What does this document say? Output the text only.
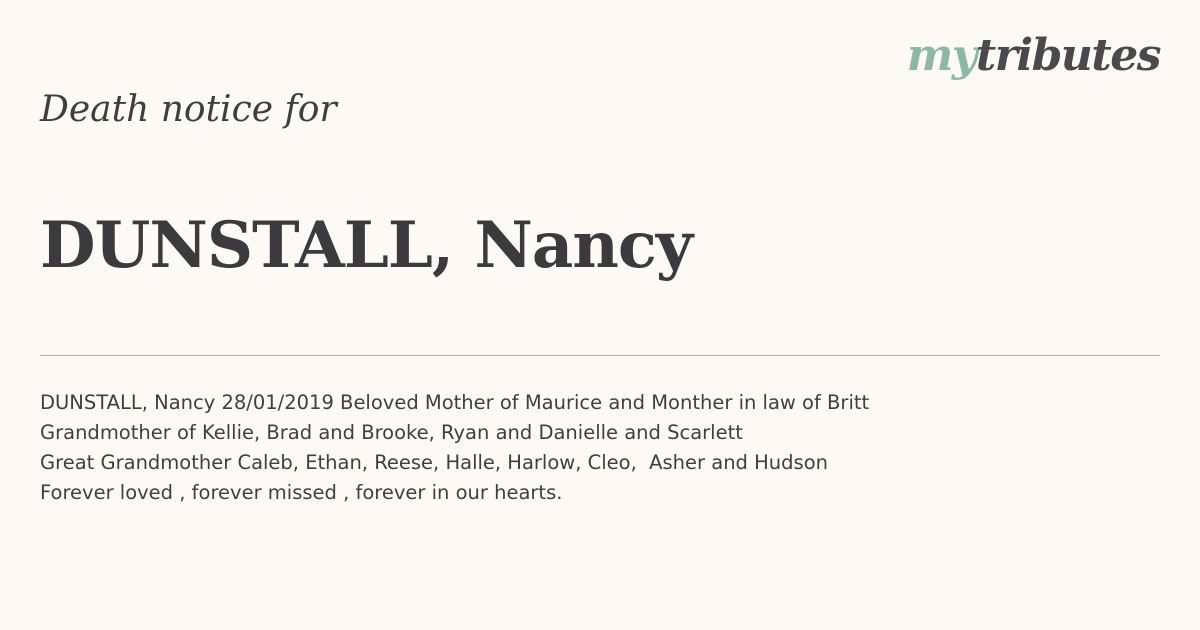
mytributes
Death notice for
DUNSTALL, Nancy
DUNSTALL, Nancy 28/01/2019 Beloved Mother of Maurice and Monther in law of Britt
Grandmother of Kellie, Brad and Brooke, Ryan and Danielle and Scarlett
Great Grandmother Caleb, Ethan, Reese, Halle, Harlow, Cleo,  Asher and Hudson
Forever loved , forever missed , forever in our hearts.
